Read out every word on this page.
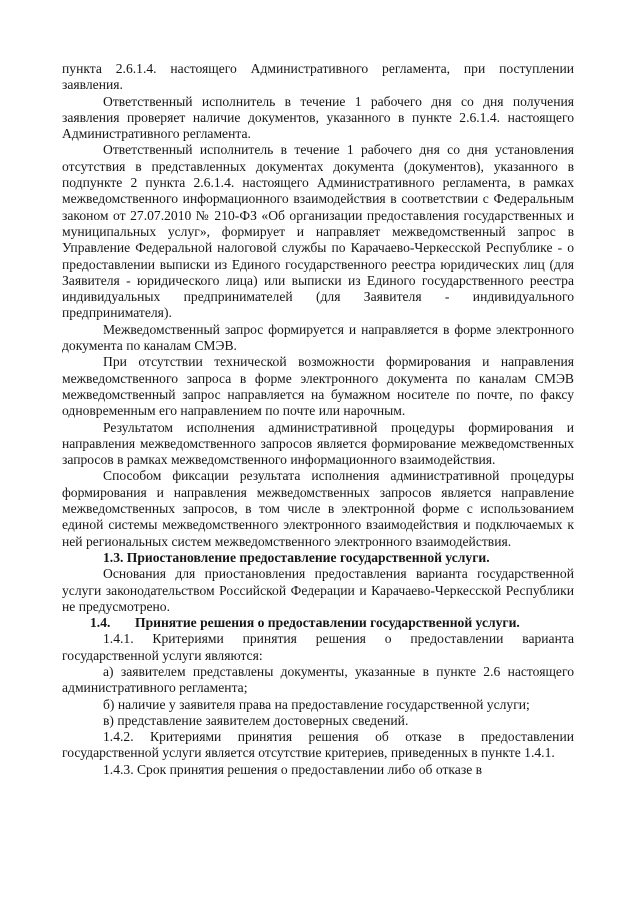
пункта 2.6.1.4. настоящего Административного регламента, при поступлении заявления.

Ответственный исполнитель в течение 1 рабочего дня со дня получения заявления проверяет наличие документов, указанного в пункте 2.6.1.4. настоящего Административного регламента.

Ответственный исполнитель в течение 1 рабочего дня со дня установления отсутствия в представленных документах документа (документов), указанного в подпункте 2 пункта 2.6.1.4. настоящего Административного регламента, в рамках межведомственного информационного взаимодействия в соответствии с Федеральным законом от 27.07.2010 № 210-ФЗ «Об организации предоставления государственных и муниципальных услуг», формирует и направляет межведомственный запрос в Управление Федеральной налоговой службы по Карачаево-Черкесской Республике - о предоставлении выписки из Единого государственного реестра юридических лиц (для Заявителя - юридического лица) или выписки из Единого государственного реестра индивидуальных предпринимателей (для Заявителя - индивидуального предпринимателя).

Межведомственный запрос формируется и направляется в форме электронного документа по каналам СМЭВ.

При отсутствии технической возможности формирования и направления межведомственного запроса в форме электронного документа по каналам СМЭВ межведомственный запрос направляется на бумажном носителе по почте, по факсу одновременным его направлением по почте или нарочным.

Результатом исполнения административной процедуры формирования и направления межведомственного запросов является формирование межведомственных запросов в рамках межведомственного информационного взаимодействия.

Способом фиксации результата исполнения административной процедуры формирования и направления межведомственных запросов является направление межведомственных запросов, в том числе в электронной форме с использованием единой системы межведомственного электронного взаимодействия и подключаемых к ней региональных систем межведомственного электронного взаимодействия.

1.3. Приостановление предоставление государственной услуги.

Основания для приостановления предоставления варианта государственной услуги законодательством Российской Федерации и Карачаево-Черкесской Республики не предусмотрено.

1.4. Принятие решения о предоставлении государственной услуги.

1.4.1. Критериями принятия решения о предоставлении варианта государственной услуги являются:

а) заявителем представлены документы, указанные в пункте 2.6 настоящего административного регламента;

б) наличие у заявителя права на предоставление государственной услуги;

в) представление заявителем достоверных сведений.

1.4.2. Критериями принятия решения об отказе в предоставлении государственной услуги является отсутствие критериев, приведенных в пункте 1.4.1.

1.4.3. Срок принятия решения о предоставлении либо об отказе в
